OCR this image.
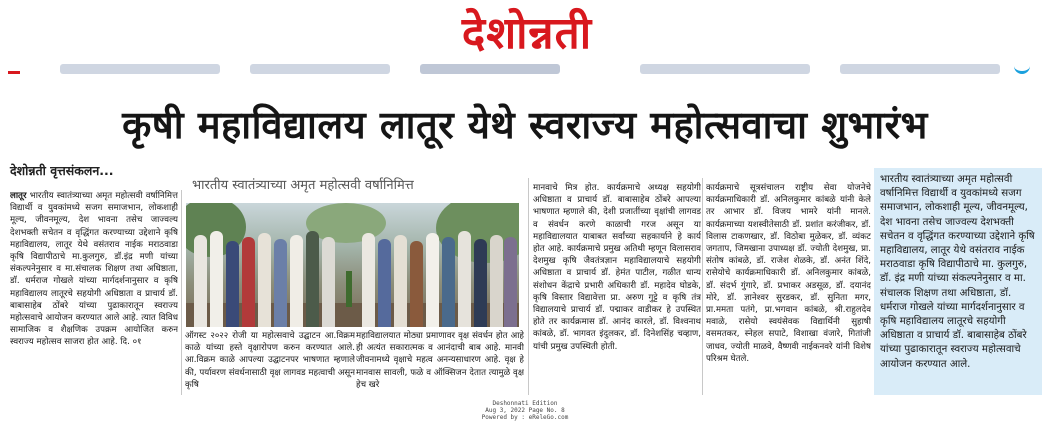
देशोन्नती
कृषी महाविद्यालय लातूर येथे स्वराज्य महोत्सवाचा शुभारंभ
देशोन्नती वृत्तसंकलन...
लातूर भारतीय स्वातंत्र्याच्या अमृत महोत्सवी वर्षानिमित्त विद्यार्थी व युवकांमध्ये सजग समाजभान, लोकशाही मूल्य, जीवनमूल्य, देश भावना तसेच जाज्वल्य देशभक्ती सचेतन व वृद्धिंगत करण्याच्या उद्देशाने कृषि महाविद्यालय, लातूर येथे वसंतराव नाईक मराठवाडा कृषि विद्यापीठाचे मा.कुलगुरु, डॉ.इंद्र मणी यांच्या संकल्पनेनुसार व मा.संचालक शिक्षण तथा अधिष्ठाता, डॉ. धर्मराज गोखले यांच्या मार्गदर्शनानुसार व कृषि महाविद्यालय लातूरचे सहयोगी अधिष्ठाता व प्राचार्य डॉ. बाबासाहेब ठोंबरे यांच्या पुढाकारातून स्वराज्य महोत्सवाचे आयोजन करण्यात आले आहे. त्यात विविध सामाजिक व शैक्षणिक उपक्रम आयोजित करुन स्वराज्य महोत्सव साजरा होत आहे. दि. ०१
भारतीय स्वातंत्र्याच्या अमृत महोत्सवी वर्षानिमित्त
ऑगस्ट २०२२ रोजी या महोत्सवाचे उद्घाटन आ.विक्रम काळे यांच्या हस्ते वृक्षारोपण करुन करण्यात आले. आ.विक्रम काळे आपल्या उद्घाटनपर भाषणात म्हणाले की, पर्यावरण संवर्धनासाठी वृक्ष लागवड महत्वाची असून कृषि
महाविद्यालयात मोठ्या प्रमाणावर वृक्ष संवर्धन होत आहे ही अत्यंत सकारात्मक व आनंदाची बाब आहे. मानवी जीवनामध्ये वृक्षाचे महत्व अनन्यसाधारण आहे. वृक्ष हे मानवास सावली, फळे व ऑक्सिजन देतात त्यामुळे वृक्ष हेच खरे
मानवाचे मित्र होत. कार्यक्रमाचे अध्यक्ष सहयोगी अधिष्ठाता व प्राचार्य डॉ. बाबासाहेब ठोंबरे आपल्या भाषणात म्हणाले की, देशी प्रजातींच्या वृक्षांची लागवड व संवर्धन करणे काळाची गरज असून या महाविद्यालयात याबाबत सर्वांच्या सहकार्याने हे कार्य होत आहे. कार्यक्रमाचे प्रमुख अतिथी म्हणून विलासराव देशमुख कृषि जैवतंत्रज्ञान महाविद्यालयाचे सहयोगी अधिष्ठाता व प्राचार्य डॉ. हेमंत पाटील, गळीत धान्य संशोधन केंद्राचे प्रभारी अधिकारी डॉ. महादेव घोडके, कृषि विस्तार विद्यावेत्ता प्रा. अरुण गुट्टे व कृषि तंत्र विद्यालयाचे प्राचार्य डॉ. पद्माकर वाडीकर हे उपस्थित होते तर कार्यक्रमास डॉ. आनंद कारले, डॉ. विश्वनाथ कांबळे, डॉ. भागवत इंदुलकर, डॉ. दिनेशसिंह चव्हाण, यांची प्रमुख उपस्थिती होती.
कार्यक्रमाचे सूत्रसंचालन राष्ट्रीय सेवा योजनेचे कार्यक्रमाधिकारी डॉ. अनिलकुमार कांबळे यांनी केले तर आभार डॉ. विजय भामरे यांनी मानले. कार्यक्रमाच्या यशस्वीतेसाठी डॉ. प्रशांत करंजीकर, डॉ. विलास टाकणखार, डॉ. विठोबा मुळेकर, डॉ. व्यंकट जगताप, जिमखाना उपाध्यक्ष डॉ. ज्योती देशमुख, प्रा. संतोष कांबळे, डॉ. राजेश शेळके, डॉ. अनंत शिंदे, रासेयोचे कार्यक्रमाधिकारी डॉ. अनिलकुमार कांबळे, डॉ. संदर्भ गुंगारे, डॉ. प्रभाकर अडसूळ, डॉ. दयानंद मोरे, डॉ. ज्ञानेश्वर सुरडकर, डॉ. सुनिता मगर, प्रा.ममता पतंगे, प्रा.भगवान कांबळे, श्री.राहुलदेव मवाळे, रासेयो स्वयंसेवक विद्यार्थिनी सुहाषी वसमतकर, स्नेहल सपाटे, विशाखा वंजारे, गितांजी जाधव, ज्योती माळवे, वैष्णवी नाईकनवरे यांनी विशेष परिश्रम घेतले.
भारतीय स्वातंत्र्याच्या अमृत महोत्सवी वर्षानिमित्त विद्यार्थी व युवकांमध्ये सजग समाजभान, लोकशाही मूल्य, जीवनमूल्य, देश भावना तसेच जाज्वल्य देशभक्ती सचेतन व वृद्धिंगत करण्याच्या उद्देशाने कृषि महाविद्यालय, लातूर येथे वसंतराव नाईक मराठवाडा कृषि विद्यापीठाचे मा. कुलगुरु, डॉ. इंद्र मणी यांच्या संकल्पनेनुसार व मा. संचालक शिक्षण तथा अधिष्ठाता, डॉ. धर्मराज गोखले यांच्या मार्गदर्शनानुसार व कृषि महाविद्यालय लातूरचे सहयोगी अधिष्ठाता व प्राचार्य डॉ. बाबासाहेब ठोंबरे यांच्या पुढाकारातून स्वराज्य महोत्सवाचे आयोजन करण्यात आले.
Deshonnati Edition
Aug 3, 2022 Page No. 8
Powered by : eReleGo.com
